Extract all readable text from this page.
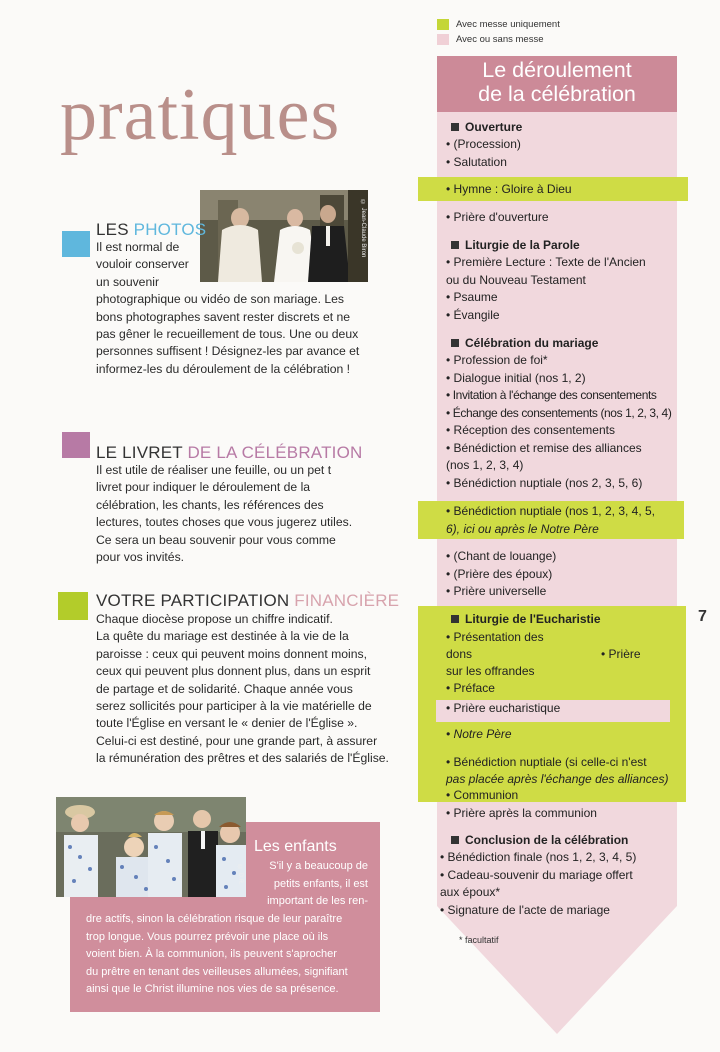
Avec messe uniquement
Avec ou sans messe
pratiques
© Jean-Claude Biron
LES PHOTOS
Il est normal de
vouloir conserver
un souvenir
photographique ou vidéo de son mariage. Les
bons photographes savent rester discrets et ne
pas gêner le recueillement de tous. Une ou deux
personnes suffisent ! Désignez-les par avance et
informez-les du déroulement de la célébration !
LE LIVRET DE LA CÉLÉBRATION
Il est utile de réaliser une feuille, ou un pet t
livret pour indiquer le déroulement de la
célébration, les chants, les références des
lectures, toutes choses que vous jugerez utiles.
Ce sera un beau souvenir pour vous comme
pour vos invités.
VOTRE PARTICIPATION FINANCIÈRE
Chaque diocèse propose un chiffre indicatif.
La quête du mariage est destinée à la vie de la
paroisse : ceux qui peuvent moins donnent moins,
ceux qui peuvent plus donnent plus, dans un esprit
de partage et de solidarité. Chaque année vous
serez sollicités pour participer à la vie matérielle de
toute l'Église en versant le « denier de l'Église ».
Celui-ci est destiné, pour une grande part, à assurer
la rémunération des prêtres et des salariés de l'Église.
© D.R.
Les enfants
S'il y a beaucoup de
petits enfants, il est
important de les ren-
dre actifs, sinon la célébration risque de leur paraître
trop longue. Vous pourrez prévoir une place où ils
voient bien. À la communion, ils peuvent s'aprocher
du prêtre en tenant des veilleuses allumées, signifiant
ainsi que le Christ illumine nos vies de sa présence.
Le déroulement
de la célébration
Ouverture
• (Procession)
• Salutation
• Hymne : Gloire à Dieu
• Prière d'ouverture
Liturgie de la Parole
• Première Lecture : Texte de l'Ancien
ou du Nouveau Testament
• Psaume
• Évangile
Célébration du mariage
• Profession de foi*
• Dialogue initial (nos 1, 2)
• Invitation à l'échange des consentements
• Échange des consentements (nos 1, 2, 3, 4)
• Réception des consentements
• Bénédiction et remise des alliances
(nos 1, 2, 3, 4)
• Bénédiction nuptiale (nos 2, 3, 5, 6)
• Bénédiction nuptiale (nos 1, 2, 3, 4, 5,
6), ici ou après le Notre Père
• (Chant de louange)
• (Prière des époux)
• Prière universelle
Liturgie de l'Eucharistie
• Présentation des
dons	• Prière
sur les offrandes
• Préface
• Prière eucharistique
• Notre Père
• Bénédiction nuptiale (si celle-ci n'est
pas placée après l'échange des alliances)
• Communion
• Prière après la communion
Conclusion de la célébration
• Bénédiction finale (nos 1, 2, 3, 4, 5)
• Cadeau-souvenir du mariage offert
aux époux*
• Signature de l'acte de mariage
* facultatif
7
